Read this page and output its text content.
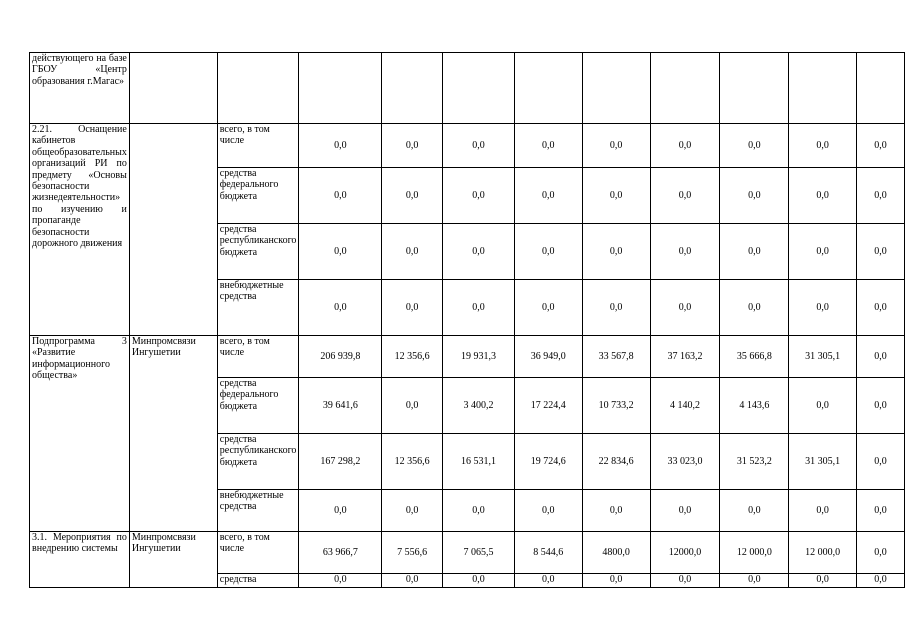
действующего на базе ГБОУ «Центр образования г.Магас»											
2.21. Оснащение кабинетов общеобразовательных организаций РИ по предмету «Основы безопасности жизнедеятельности» по изучению и пропаганде безопасности дорожного движения		всего, в том числе	0,0	0,0	0,0	0,0	0,0	0,0	0,0	0,0	0,0
		средства федерального бюджета	0,0	0,0	0,0	0,0	0,0	0,0	0,0	0,0	0,0
		средства республиканского бюджета	0,0	0,0	0,0	0,0	0,0	0,0	0,0	0,0	0,0
		внебюджетные средства	0,0	0,0	0,0	0,0	0,0	0,0	0,0	0,0	0,0
Подпрограмма 3 «Развитие информационного общества»	Минпромсвязи Ингушетии	всего, в том числе	206 939,8	12 356,6	19 931,3	36 949,0	33 567,8	37 163,2	35 666,8	31 305,1	0,0
		средства федерального бюджета	39 641,6	0,0	3 400,2	17 224,4	10 733,2	4 140,2	4 143,6	0,0	0,0
		средства республиканского бюджета	167 298,2	12 356,6	16 531,1	19 724,6	22 834,6	33 023,0	31 523,2	31 305,1	0,0
		внебюджетные средства	0,0	0,0	0,0	0,0	0,0	0,0	0,0	0,0	0,0
3.1. Мероприятия по внедрению системы	Минпромсвязи Ингушетии	всего, в том числе	63 966,7	7 556,6	7 065,5	8 544,6	4800,0	12000,0	12 000,0	12 000,0	0,0
		средства	0,0	0,0	0,0	0,0	0,0	0,0	0,0	0,0	0,0
